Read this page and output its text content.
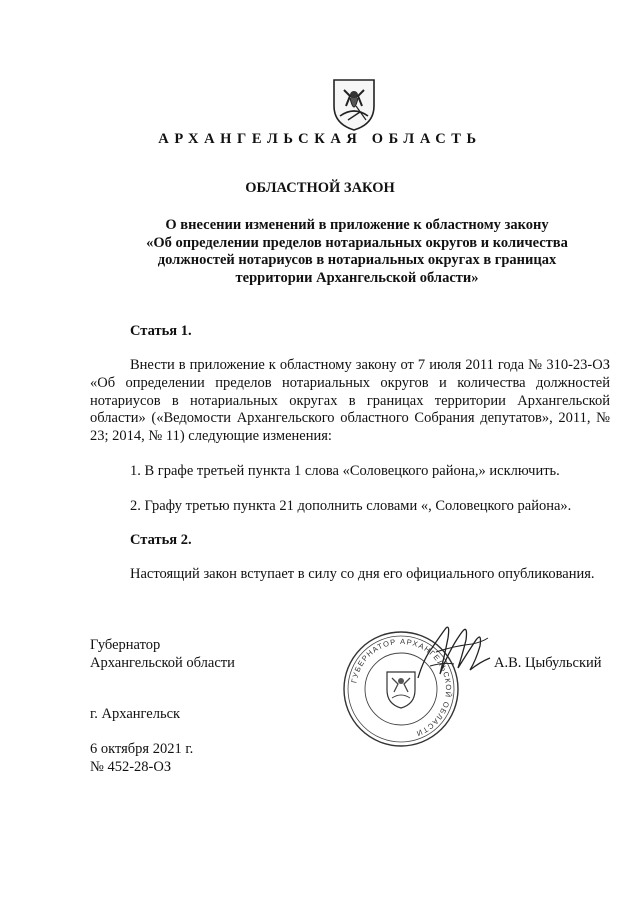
АРХАНГЕЛЬСКАЯ ОБЛАСТЬ
ОБЛАСТНОЙ ЗАКОН
О внесении изменений в приложение к областному закону
«Об определении пределов нотариальных округов и количества
должностей нотариусов в нотариальных округах в границах
территории Архангельской области»
Статья 1.
Внести в приложение к областному закону от 7 июля 2011 года № 310-23-ОЗ «Об определении пределов нотариальных округов и количества должностей нотариусов в нотариальных округах в границах территории Архангельской области» («Ведомости Архангельского областного Собрания депутатов», 2011, № 23; 2014, № 11) следующие изменения:
1. В графе третьей пункта 1 слова «Соловецкого района,» исключить.
2. Графу третью пункта 21 дополнить словами «, Соловецкого района».
Статья 2.
Настоящий закон вступает в силу со дня его официального опубликования.
Губернатор
Архангельской области
ГУБЕРНАТОР АРХАНГЕЛЬСКОЙ ОБЛАСТИ
А.В. Цыбульский
г. Архангельск
6 октября 2021 г.
№ 452-28-ОЗ
